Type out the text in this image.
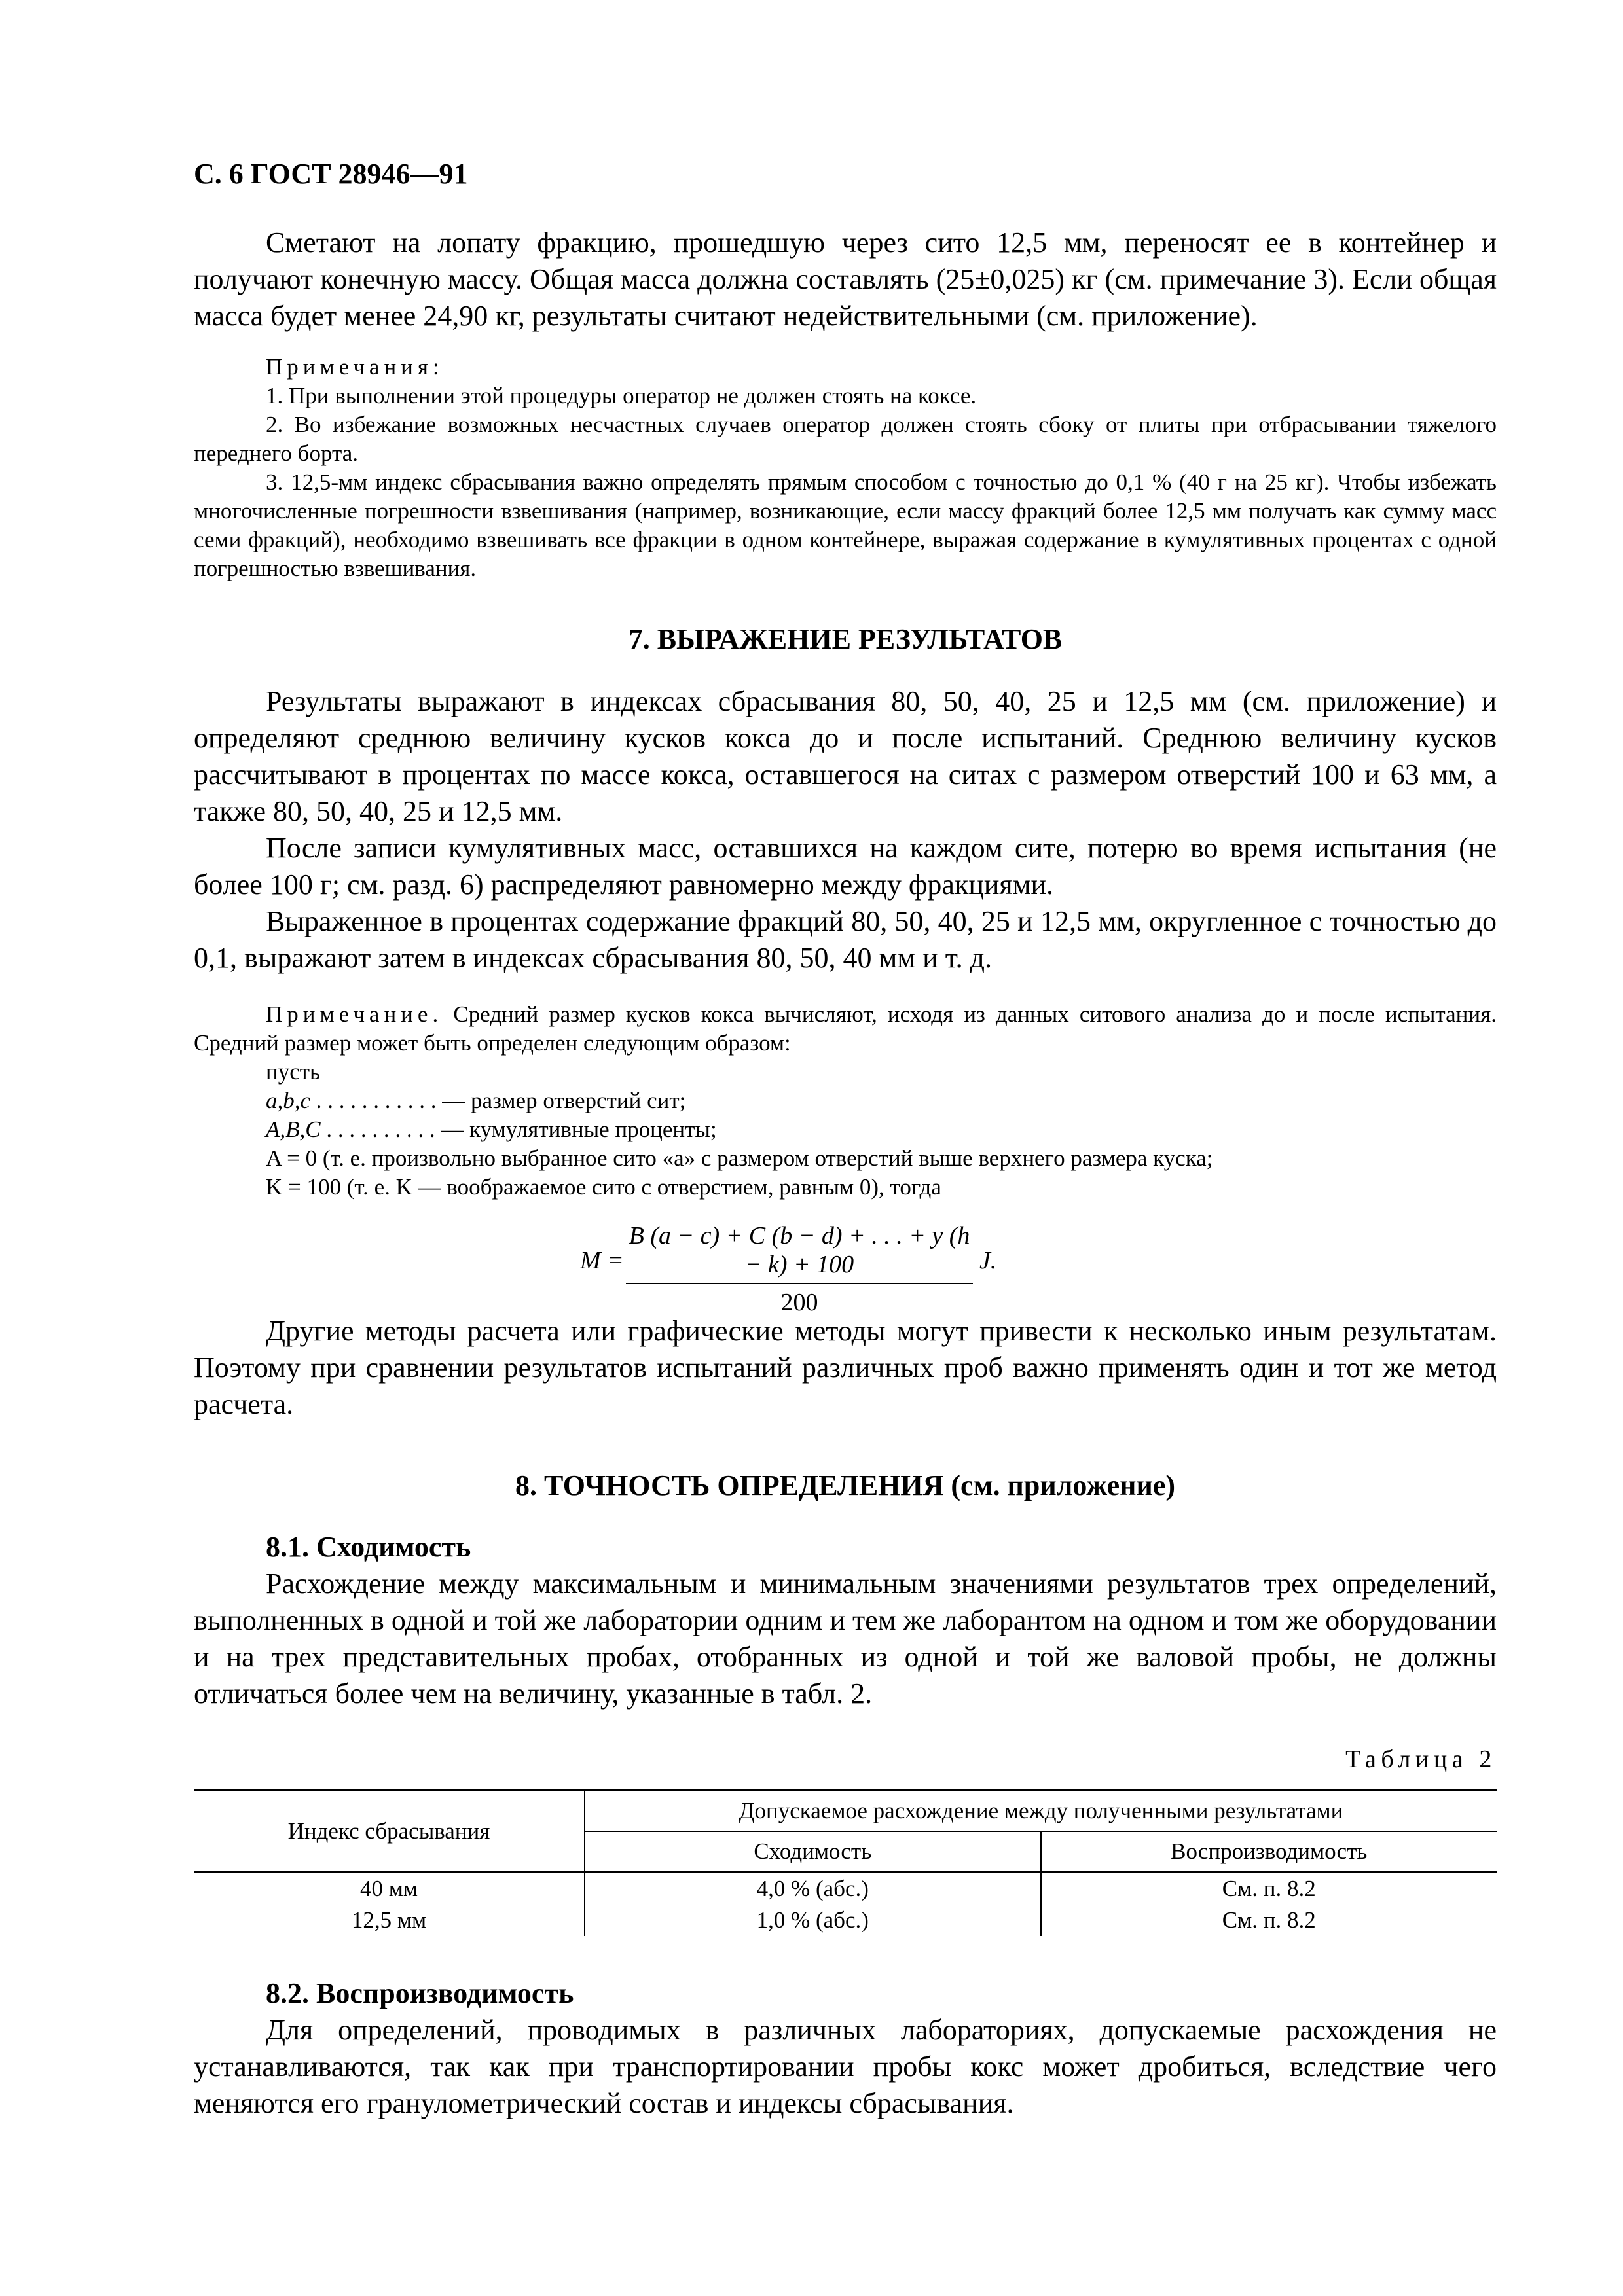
С. 6 ГОСТ 28946—91

Сметают на лопату фракцию, прошедшую через сито 12,5 мм, переносят ее в контейнер и получают конечную массу. Общая масса должна составлять (25±0,025) кг (см. примечание 3). Если общая масса будет менее 24,90 кг, результаты считают недействительными (см. приложение).

Примечания:
1. При выполнении этой процедуры оператор не должен стоять на коксе.
2. Во избежание возможных несчастных случаев оператор должен стоять сбоку от плиты при отбрасывании тяжелого переднего борта.
3. 12,5-мм индекс сбрасывания важно определять прямым способом с точностью до 0,1 % (40 г на 25 кг). Чтобы избежать многочисленные погрешности взвешивания (например, возникающие, если массу фракций более 12,5 мм получать как сумму масс семи фракций), необходимо взвешивать все фракции в одном контейнере, выражая содержание в кумулятивных процентах с одной погрешностью взвешивания.
7. ВЫРАЖЕНИЕ РЕЗУЛЬТАТОВ

Результаты выражают в индексах сбрасывания 80, 50, 40, 25 и 12,5 мм (см. приложение) и определяют среднюю величину кусков кокса до и после испытаний. Среднюю величину кусков рассчитывают в процентах по массе кокса, оставшегося на ситах с размером отверстий 100 и 63 мм, а также 80, 50, 40, 25 и 12,5 мм.

После записи кумулятивных масс, оставшихся на каждом сите, потерю во время испытания (не более 100 г; см. разд. 6) распределяют равномерно между фракциями.

Выраженное в процентах содержание фракций 80, 50, 40, 25 и 12,5 мм, округленное с точностью до 0,1, выражают затем в индексах сбрасывания 80, 50, 40 мм и т. д.

Примечание. Средний размер кусков кокса вычисляют, исходя из данных ситового анализа до и после испытания. Средний размер может быть определен следующим образом:
пусть
a,b,c . . . . . . . . . . . — размер отверстий сит;
A,B,C . . . . . . . . . . — кумулятивные проценты;
A = 0 (т. е. произвольно выбранное сито «a» с размером отверстий выше верхнего размера куска;
K = 100 (т. е. K — воображаемое сито с отверстием, равным 0), тогда
$M = \frac{B (a - c) + C (b - d) + . . . + y (h - k) + 100}{200} J$.

Другие методы расчета или графические методы могут привести к несколько иным результатам. Поэтому при сравнении результатов испытаний различных проб важно применять один и тот же метод расчета.

8. ТОЧНОСТЬ ОПРЕДЕЛЕНИЯ (см. приложение)
8.1. Сходимость

Расхождение между максимальным и минимальным значениями результатов трех определений, выполненных в одной и той же лаборатории одним и тем же лаборантом на одном и том же оборудовании и на трех представительных пробах, отобранных из одной и той же валовой пробы, не должны отличаться более чем на величину, указанные в табл. 2.

Таблица 2
Индекс сбрасывания	Допускаемое расхождение между полученными результатами	
	Сходимость	Воспроизводимость
40 мм	4,0 % (абс.)	См. п. 8.2
12,5 мм	1,0 % (абс.)	См. п. 8.2
8.2. Воспроизводимость

Для определений, проводимых в различных лабораториях, допускаемые расхождения не устанавливаются, так как при транспортировании пробы кокс может дробиться, вследствие чего меняются его гранулометрический состав и индексы сбрасывания.
